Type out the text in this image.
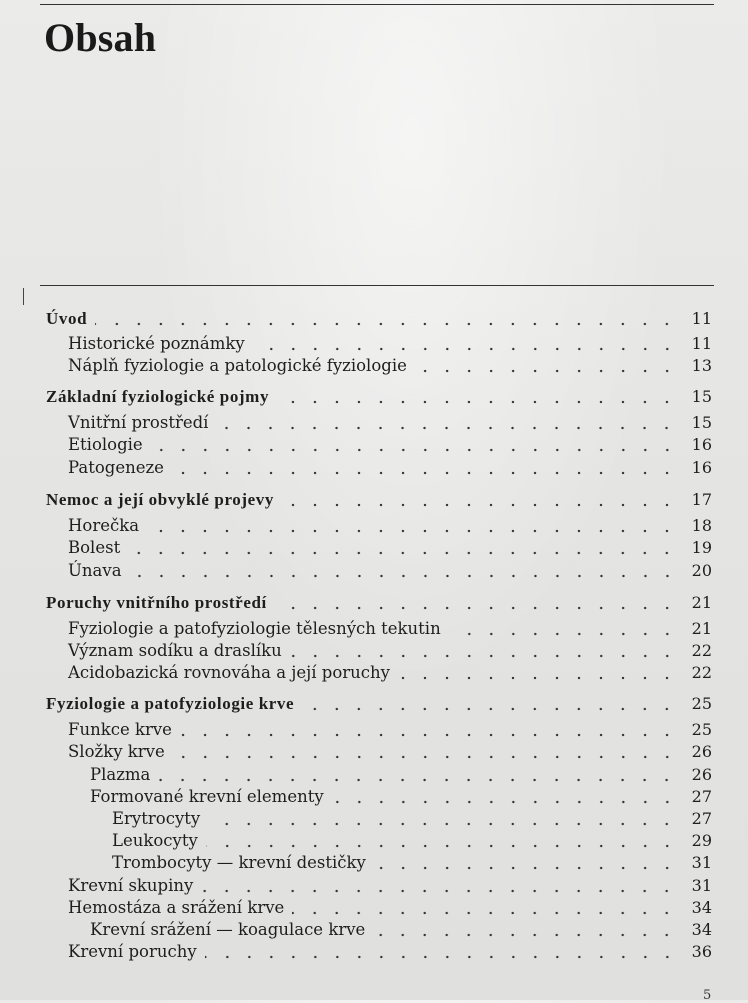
Obsah
Úvod	11
Historické poznámky	11
Náplň fyziologie a patologické fyziologie	13
Základní fyziologické pojmy	15
Vnitřní prostředí	15
Etiologie	16
Patogeneze	16
Nemoc a její obvyklé projevy	17
Horečka	18
Bolest	19
Únava	20
Poruchy vnitřního prostředí	21
Fyziologie a patofyziologie tělesných tekutin	21
Význam sodíku a draslíku	22
Acidobazická rovnováha a její poruchy	22
Fyziologie a patofyziologie krve	25
Funkce krve	25
Složky krve	26
Plazma	26
Formované krevní elementy	27
Erytrocyty	27
Leukocyty	29
Trombocyty — krevní destičky	31
Krevní skupiny	31
Hemostáza a srážení krve	34
Krevní srážení — koagulace krve	34
Krevní poruchy	36
5
